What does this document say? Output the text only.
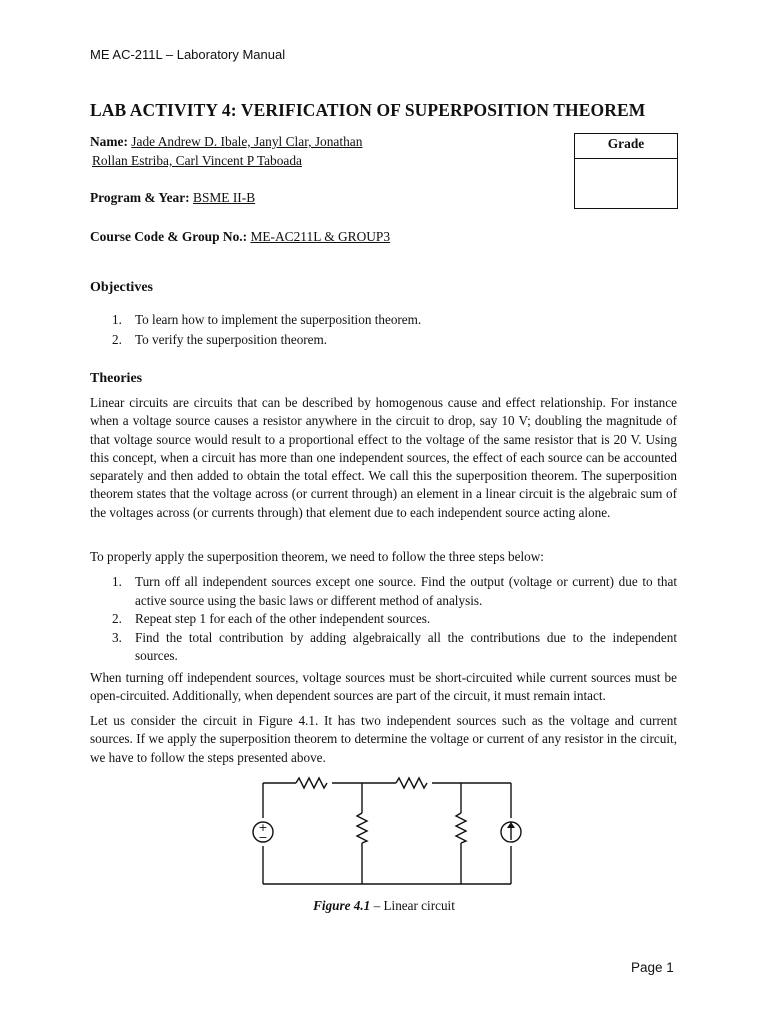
ME AC-211L – Laboratory Manual
LAB ACTIVITY 4: VERIFICATION OF SUPERPOSITION THEOREM
Name: Jade Andrew D. Ibale, Janyl Clar, Jonathan
Rollan Estriba, Carl Vincent P Taboada
Program & Year: BSME II-B
Course Code & Group No.: ME-AC211L & GROUP3
Grade
Objectives
1. To learn how to implement the superposition theorem.
2. To verify the superposition theorem.
Theories
Linear circuits are circuits that can be described by homogenous cause and effect relationship. For instance when a voltage source causes a resistor anywhere in the circuit to drop, say 10 V; doubling the magnitude of that voltage source would result to a proportional effect to the voltage of the same resistor that is 20 V. Using this concept, when a circuit has more than one independent sources, the effect of each source can be accounted separately and then added to obtain the total effect. We call this the superposition theorem. The superposition theorem states that the voltage across (or current through) an element in a linear circuit is the algebraic sum of the voltages across (or currents through) that element due to each independent source acting alone.
To properly apply the superposition theorem, we need to follow the three steps below:
1. Turn off all independent sources except one source. Find the output (voltage or current) due to that active source using the basic laws or different method of analysis.
2. Repeat step 1 for each of the other independent sources.
3. Find the total contribution by adding algebraically all the contributions due to the independent sources.
When turning off independent sources, voltage sources must be short-circuited while current sources must be open-circuited. Additionally, when dependent sources are part of the circuit, it must remain intact.
Let us consider the circuit in Figure 4.1. It has two independent sources such as the voltage and current sources. If we apply the superposition theorem to determine the voltage or current of any resistor in the circuit, we have to follow the steps presented above.
+
−
Figure 4.1 – Linear circuit
Page 1
